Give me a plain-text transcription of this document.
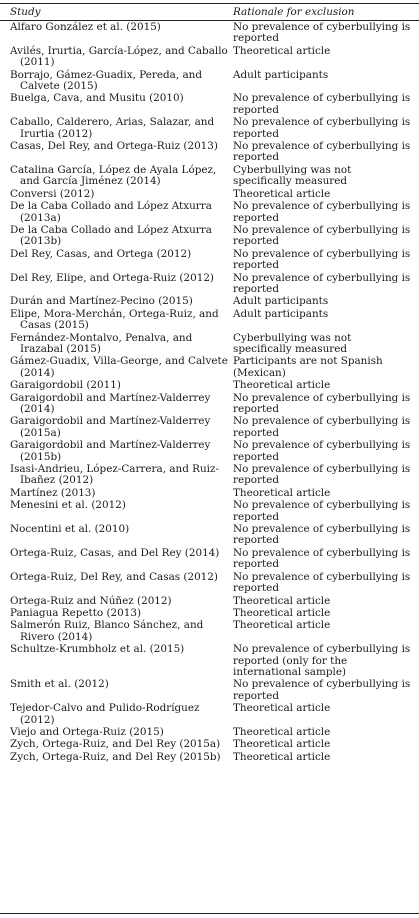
Study	Rationale for exclusion

Alfaro González et al. (2015)	No prevalence of cyberbullying is reported

Avilés, Irurtia, García-López, and Caballo (2011)	Theoretical article

Borrajo, Gámez-Guadix, Pereda, and Calvete (2015)	Adult participants

Buelga, Cava, and Musitu (2010)	No prevalence of cyberbullying is reported

Caballo, Calderero, Arias, Salazar, and Irurtia (2012)	No prevalence of cyberbullying is reported

Casas, Del Rey, and Ortega-Ruiz (2013)	No prevalence of cyberbullying is reported

Catalina García, López de Ayala López, and García Jiménez (2014)	Cyberbullying was not specifically measured

Conversi (2012)	Theoretical article

De la Caba Collado and López Atxurra (2013a)	No prevalence of cyberbullying is reported

De la Caba Collado and López Atxurra (2013b)	No prevalence of cyberbullying is reported

Del Rey, Casas, and Ortega (2012)	No prevalence of cyberbullying is reported

Del Rey, Elipe, and Ortega-Ruiz (2012)	No prevalence of cyberbullying is reported

Durán and Martínez-Pecino (2015)	Adult participants

Elipe, Mora-Merchán, Ortega-Ruiz, and Casas (2015)	Adult participants

Fernández-Montalvo, Penalva, and Irazabal (2015)	Cyberbullying was not specifically measured

Gámez-Guadix, Villa-George, and Calvete (2014)	Participants are not Spanish (Mexican)

Garaigordobil (2011)	Theoretical article

Garaigordobil and Martínez-Valderrey (2014)	No prevalence of cyberbullying is reported

Garaigordobil and Martínez-Valderrey (2015a)	No prevalence of cyberbullying is reported

Garaigordobil and Martínez-Valderrey (2015b)	No prevalence of cyberbullying is reported

Isasi-Andrieu, López-Carrera, and Ruiz-Ibañez (2012)	No prevalence of cyberbullying is reported

Martínez (2013)	Theoretical article

Menesini et al. (2012)	No prevalence of cyberbullying is reported

Nocentini et al. (2010)	No prevalence of cyberbullying is reported

Ortega-Ruiz, Casas, and Del Rey (2014)	No prevalence of cyberbullying is reported

Ortega-Ruiz, Del Rey, and Casas (2012)	No prevalence of cyberbullying is reported

Ortega-Ruiz and Núñez (2012)	Theoretical article

Paniagua Repetto (2013)	Theoretical article

Salmerón Ruiz, Blanco Sánchez, and Rivero (2014)	Theoretical article

Schultze-Krumbholz et al. (2015)	No prevalence of cyberbullying is reported (only for the international sample)

Smith et al. (2012)	No prevalence of cyberbullying is reported

Tejedor-Calvo and Pulido-Rodríguez (2012)	Theoretical article

Viejo and Ortega-Ruiz (2015)	Theoretical article

Zych, Ortega-Ruiz, and Del Rey (2015a)	Theoretical article

Zych, Ortega-Ruiz, and Del Rey (2015b)	Theoretical article
